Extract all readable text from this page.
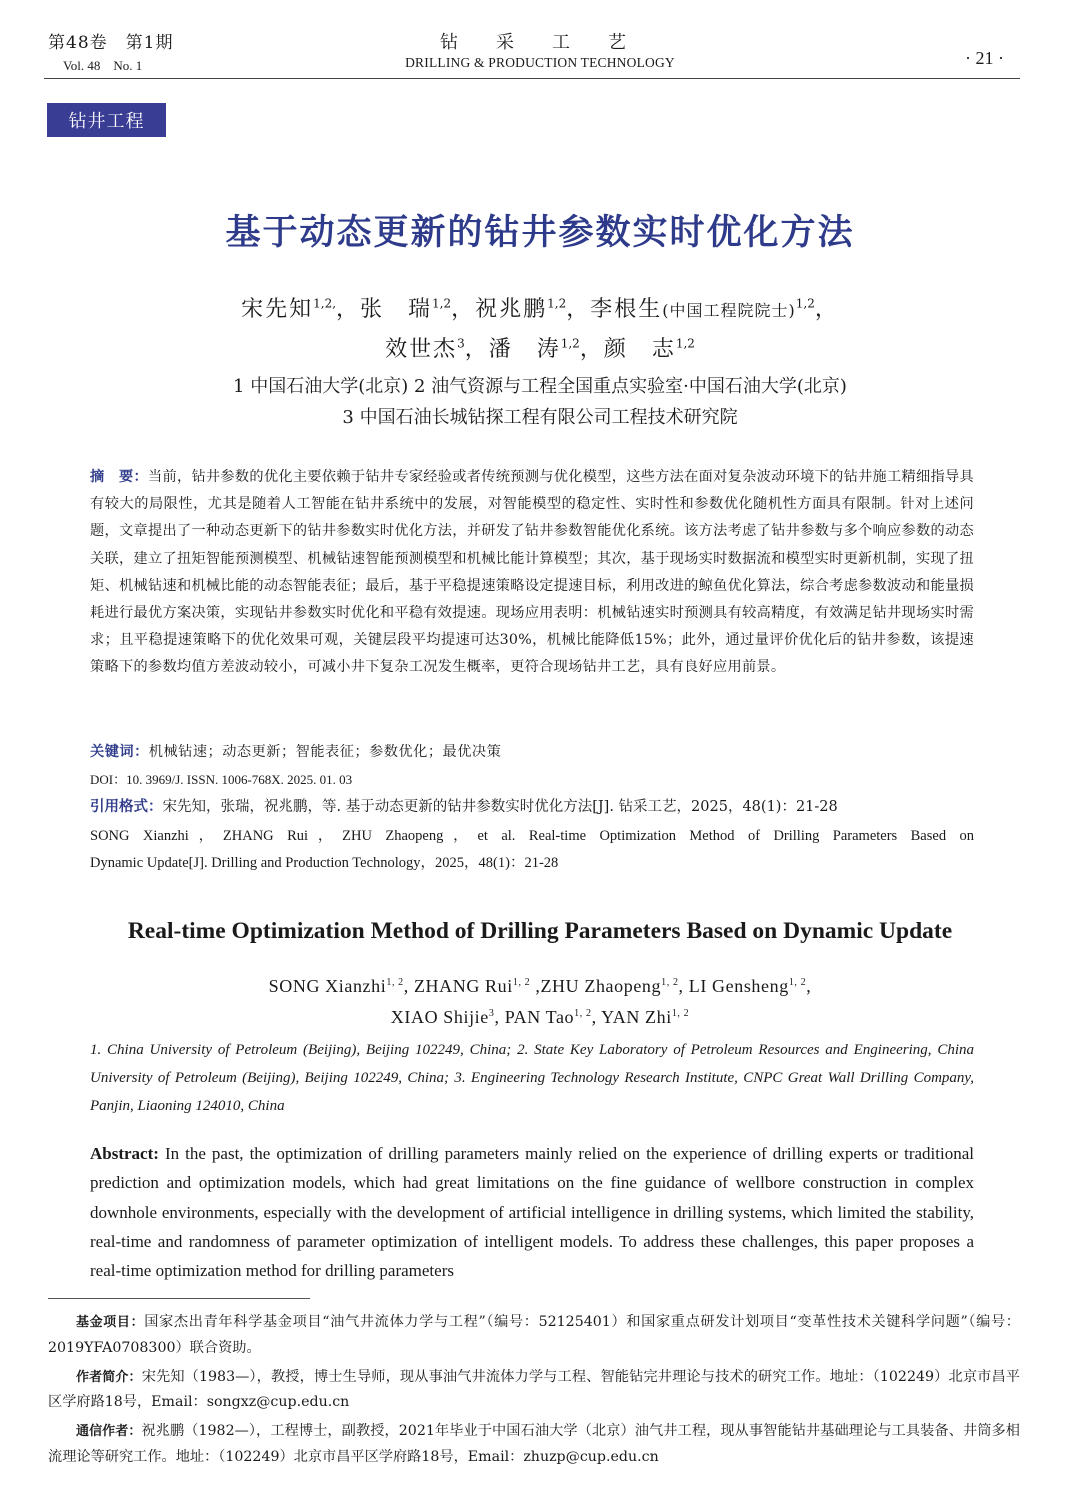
第48卷　第1期
Vol. 48　No. 1
钻采工艺
DRILLING & PRODUCTION TECHNOLOGY	· 21 ·
钻井工程
基于动态更新的钻井参数实时优化方法
宋先知$^{1,2,}$，张　瑞$^{1,2}$，祝兆鹏$^{1,2}$，李根生(中国工程院院士)$^{1,2}$，
效世杰$^3$，潘　涛$^{1,2}$，颜　志$^{1,2}$
1 中国石油大学(北京) 2 油气资源与工程全国重点实验室·中国石油大学(北京)
3 中国石油长城钻探工程有限公司工程技术研究院
摘　要：当前，钻井参数的优化主要依赖于钻井专家经验或者传统预测与优化模型，这些方法在面对复杂波动环境下的钻井施工精细指导具有较大的局限性，尤其是随着人工智能在钻井系统中的发展，对智能模型的稳定性、实时性和参数优化随机性方面具有限制。针对上述问题，文章提出了一种动态更新下的钻井参数实时优化方法，并研发了钻井参数智能优化系统。该方法考虑了钻井参数与多个响应参数的动态关联，建立了扭矩智能预测模型、机械钻速智能预测模型和机械比能计算模型；其次，基于现场实时数据流和模型实时更新机制，实现了扭矩、机械钻速和机械比能的动态智能表征；最后，基于平稳提速策略设定提速目标，利用改进的鲸鱼优化算法，综合考虑参数波动和能量损耗进行最优方案决策，实现钻井参数实时优化和平稳有效提速。现场应用表明：机械钻速实时预测具有较高精度，有效满足钻井现场实时需求；且平稳提速策略下的优化效果可观，关键层段平均提速可达30%，机械比能降低15%；此外，通过量评价优化后的钻井参数，该提速策略下的参数均值方差波动较小，可减小井下复杂工况发生概率，更符合现场钻井工艺，具有良好应用前景。
关键词：机械钻速；动态更新；智能表征；参数优化；最优决策
DOI：10. 3969/J. ISSN. 1006-768X. 2025. 01. 03
引用格式：宋先知，张瑞，祝兆鹏，等. 基于动态更新的钻井参数实时优化方法[J]. 钻采工艺，2025，48(1)：21-28
SONG Xianzhi，ZHANG Rui，ZHU Zhaopeng，et al. Real-time Optimization Method of Drilling Parameters Based on
Dynamic Update[J]. Drilling and Production Technology，2025，48(1)：21-28
Real-time Optimization Method of Drilling Parameters Based on Dynamic Update
SONG Xianzhi$^{1, 2}$, ZHANG Rui$^{1, 2}$ ,ZHU Zhaopeng$^{1, 2}$, LI Gensheng$^{1, 2}$,
XIAO Shijie$^3$, PAN Tao$^{1, 2}$, YAN Zhi$^{1, 2}$
1. China University of Petroleum (Beijing), Beijing 102249, China; 2. State Key Laboratory of Petroleum Resources and Engineering, China University of Petroleum (Beijing), Beijing 102249, China; 3. Engineering Technology Research Institute, CNPC Great Wall Drilling Company, Panjin, Liaoning 124010, China
Abstract: In the past, the optimization of drilling parameters mainly relied on the experience of drilling experts or traditional prediction and optimization models, which had great limitations on the fine guidance of wellbore construction in complex downhole environments, especially with the development of artificial intelligence in drilling systems, which limited the stability, real-time and randomness of parameter optimization of intelligent models. To address these challenges, this paper proposes a real-time optimization method for drilling parameters

基金项目：国家杰出青年科学基金项目“油气井流体力学与工程”（编号：52125401）和国家重点研发计划项目“变革性技术关键科学问题”（编号：2019YFA0708300）联合资助。

作者简介：宋先知（1983—），教授，博士生导师，现从事油气井流体力学与工程、智能钻完井理论与技术的研究工作。地址：（102249）北京市昌平区学府路18号，Email：songxz@cup.edu.cn

通信作者：祝兆鹏（1982—），工程博士，副教授，2021年毕业于中国石油大学（北京）油气井工程，现从事智能钻井基础理论与工具装备、井筒多相流理论等研究工作。地址：（102249）北京市昌平区学府路18号，Email：zhuzp@cup.edu.cn
